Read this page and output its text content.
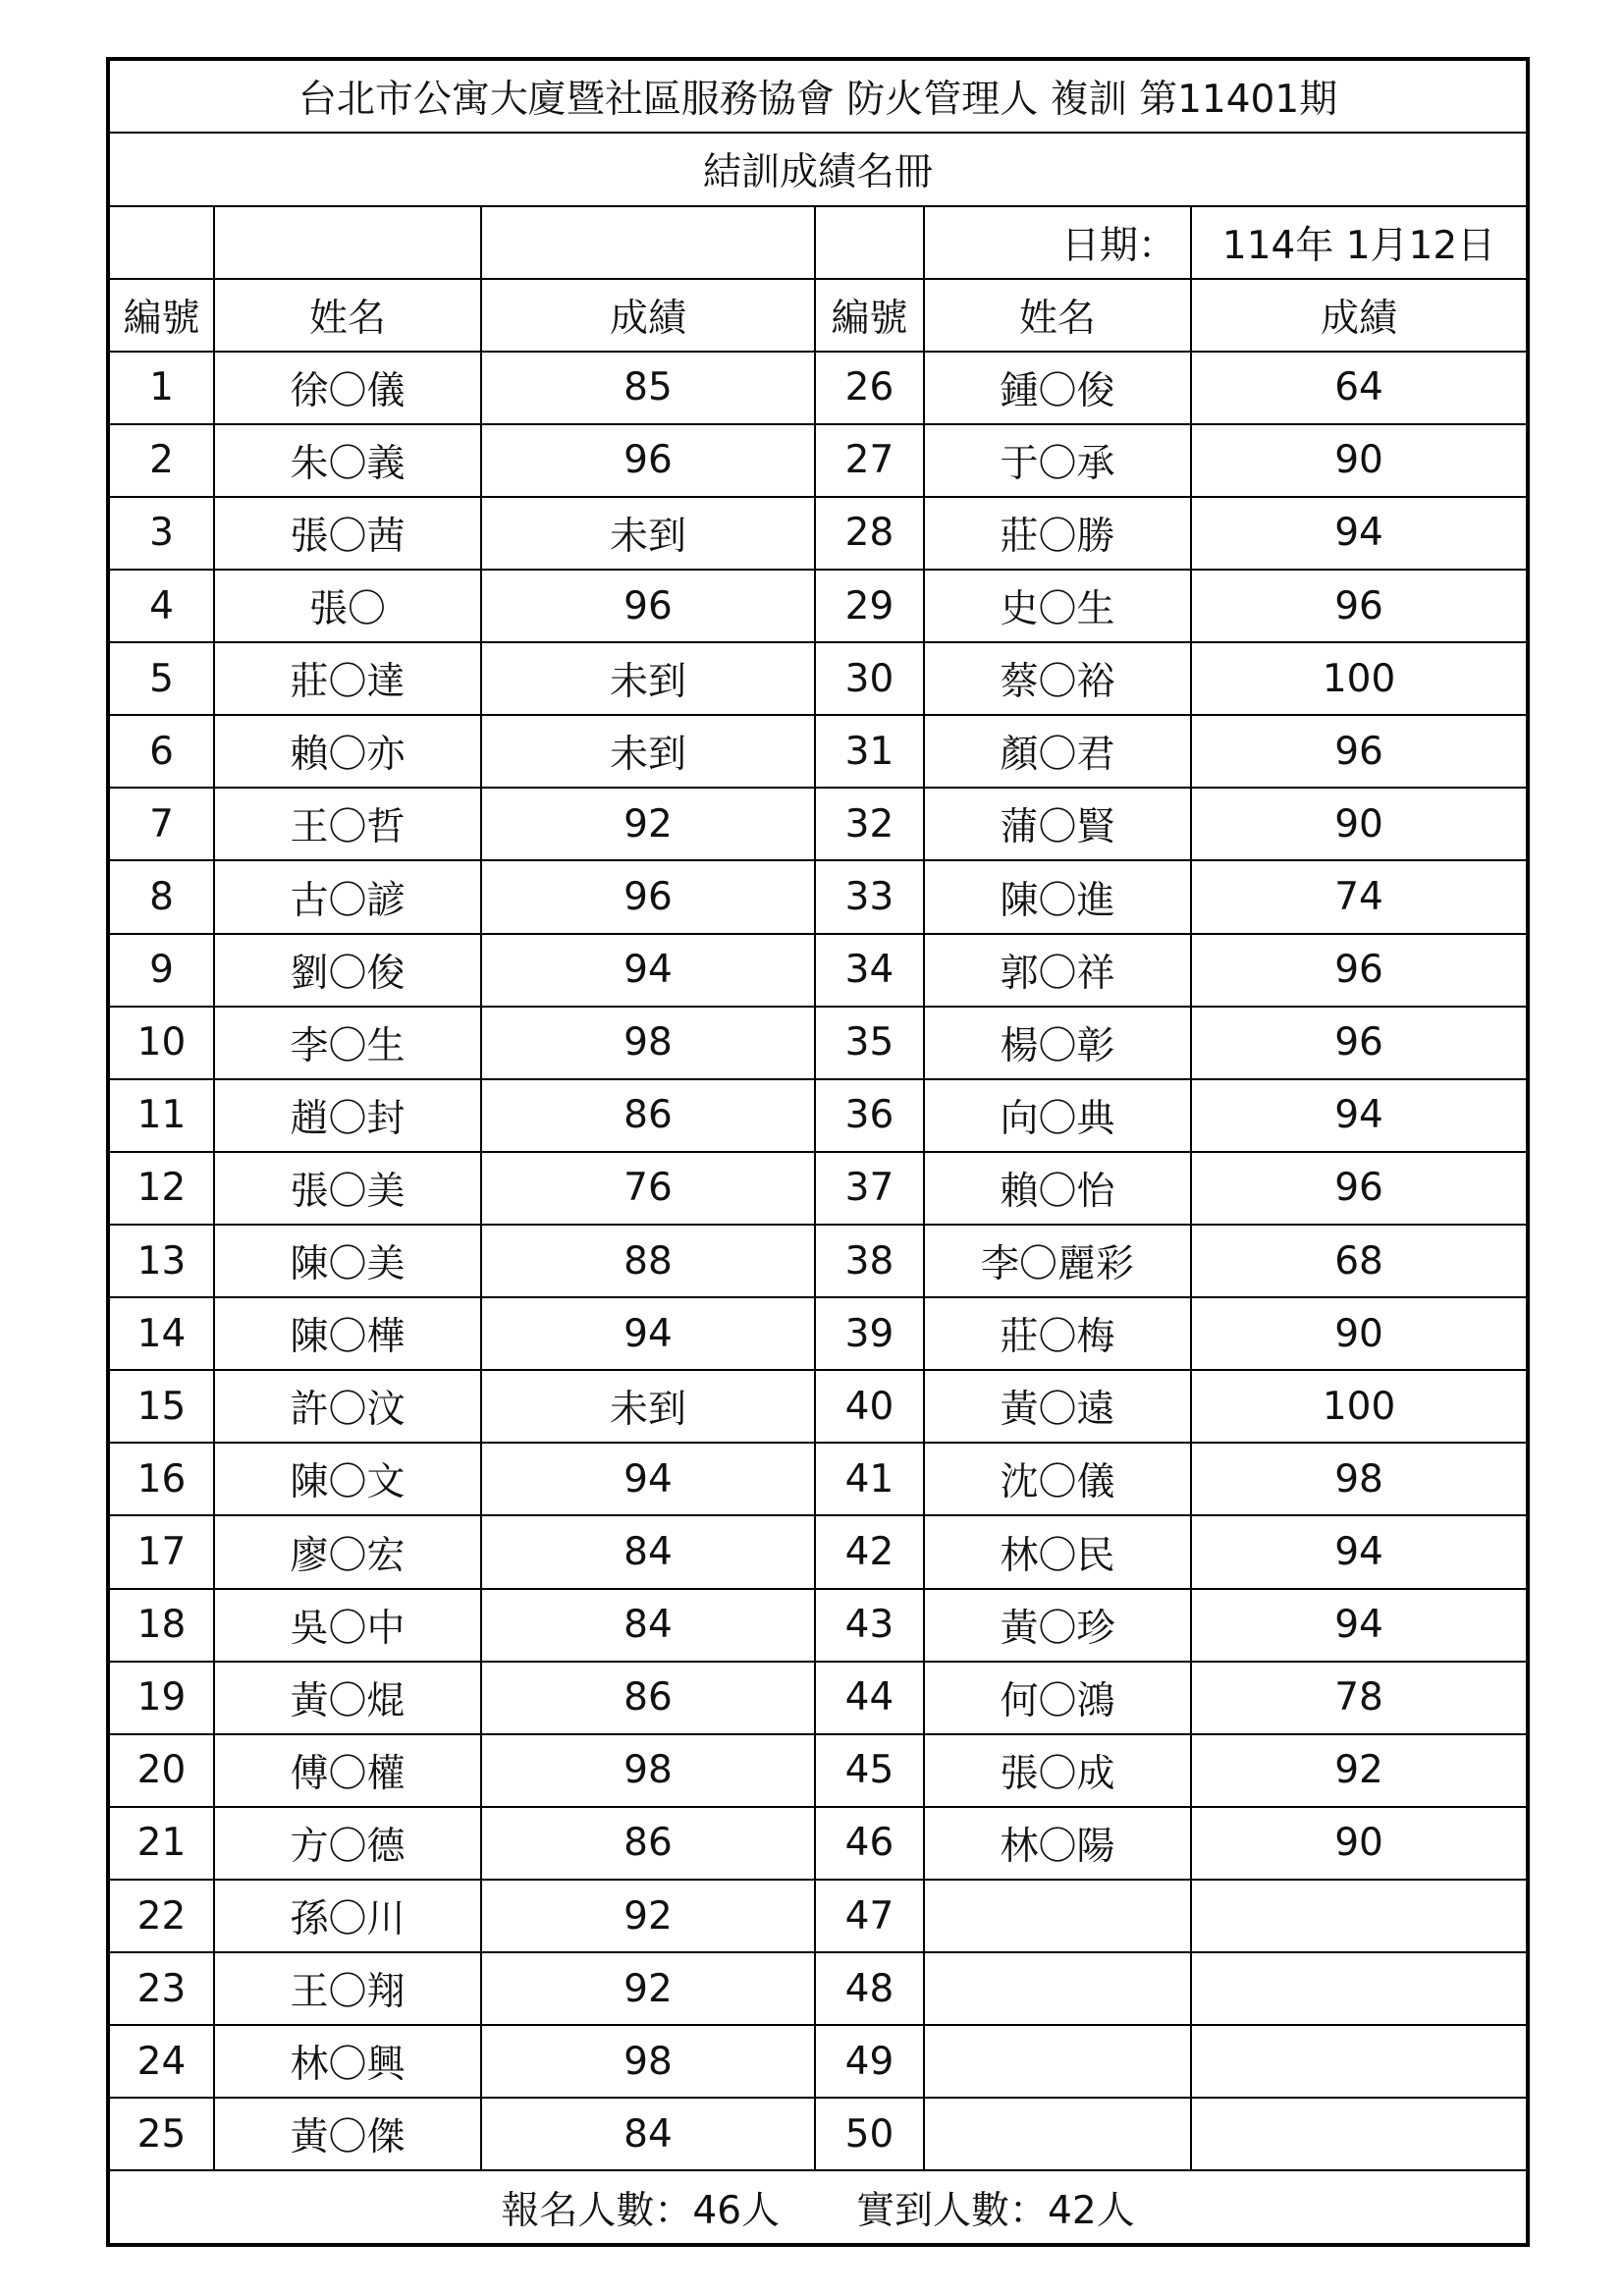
台北市公寓大廈暨社區服務協會 防火管理人 複訓 第11401期					
結訓成績名冊					
				日期：	114年 1月12日
編號	姓名	成績	編號	姓名	成績
1	徐〇儀	85	26	鍾〇俊	64
2	朱〇義	96	27	于〇承	90
3	張〇茜	未到	28	莊〇勝	94
4	張〇	96	29	史〇生	96
5	莊〇達	未到	30	蔡〇裕	100
6	賴〇亦	未到	31	顏〇君	96
7	王〇哲	92	32	蒲〇賢	90
8	古〇諺	96	33	陳〇進	74
9	劉〇俊	94	34	郭〇祥	96
10	李〇生	98	35	楊〇彰	96
11	趙〇封	86	36	向〇典	94
12	張〇美	76	37	賴〇怡	96
13	陳〇美	88	38	李〇麗彩	68
14	陳〇樺	94	39	莊〇梅	90
15	許〇汶	未到	40	黃〇遠	100
16	陳〇文	94	41	沈〇儀	98
17	廖〇宏	84	42	林〇民	94
18	吳〇中	84	43	黃〇珍	94
19	黃〇焜	86	44	何〇鴻	78
20	傅〇權	98	45	張〇成	92
21	方〇德	86	46	林〇陽	90
22	孫〇川	92	47		
23	王〇翔	92	48		
24	林〇興	98	49		
25	黃〇傑	84	50		
報名人數：46人　　實到人數：42人					
